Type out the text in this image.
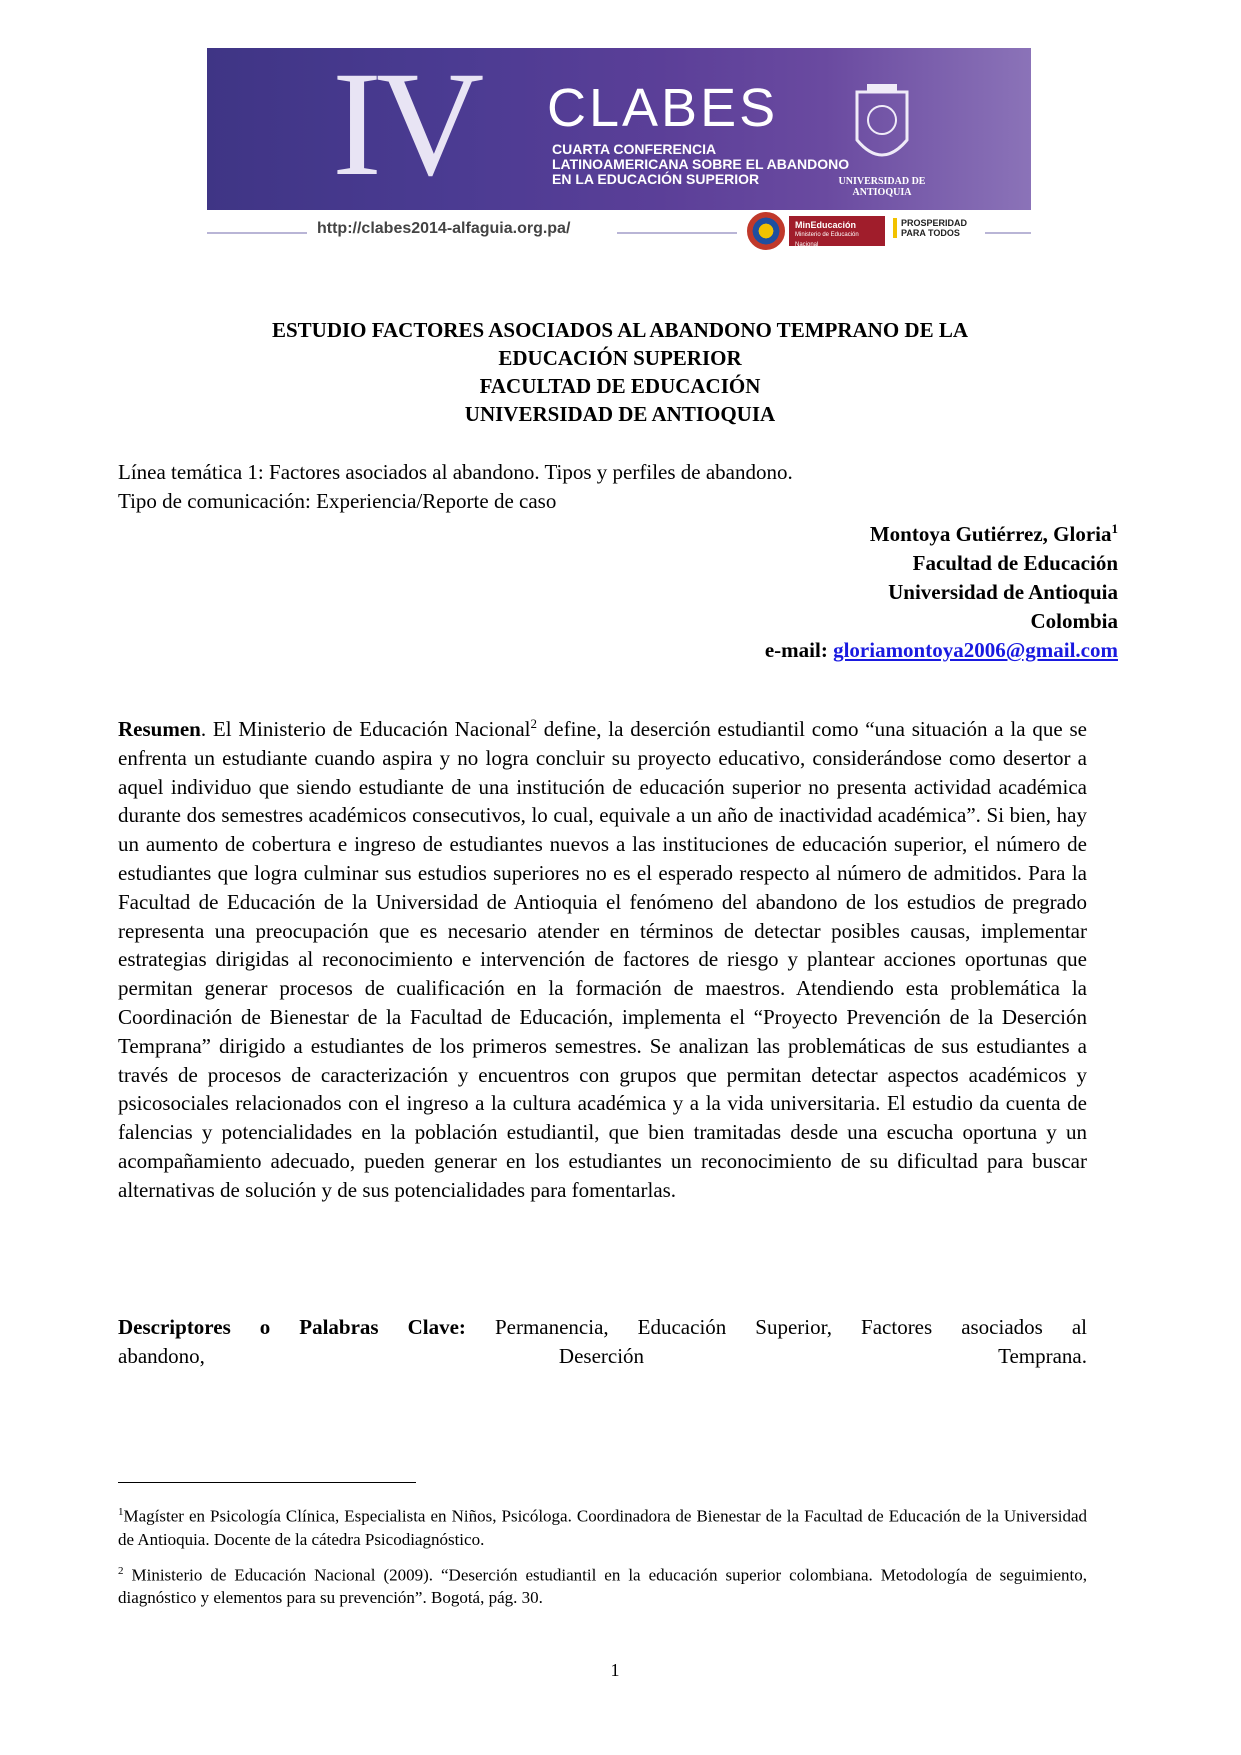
IV CLABES
CUARTA CONFERENCIA
LATINOAMERICANA SOBRE EL ABANDONO
EN LA EDUCACIÓN SUPERIOR	UNIVERSIDAD DE ANTIOQUIA
http://clabes2014-alfaguia.org.pa/	MinEducación
Ministerio de Educación Nacional
PROSPERIDAD PARA TODOS
ESTUDIO FACTORES ASOCIADOS AL ABANDONO TEMPRANO DE LA
EDUCACIÓN SUPERIOR
FACULTAD DE EDUCACIÓN
UNIVERSIDAD DE ANTIOQUIA
Línea temática 1: Factores asociados al abandono. Tipos y perfiles de abandono.
Tipo de comunicación: Experiencia/Reporte de caso
Montoya Gutiérrez, Gloria$^1$
Facultad de Educación
Universidad de Antioquia
Colombia
e-mail: gloriamontoya2006@gmail.com
Resumen. El Ministerio de Educación Nacional$^2$ define, la deserción estudiantil como “una situación a la que se enfrenta un estudiante cuando aspira y no logra concluir su proyecto educativo, considerándose como desertor a aquel individuo que siendo estudiante de una institución de educación superior no presenta actividad académica durante dos semestres académicos consecutivos, lo cual, equivale a un año de inactividad académica”. Si bien, hay un aumento de cobertura e ingreso de estudiantes nuevos a las instituciones de educación superior, el número de estudiantes que logra culminar sus estudios superiores no es el esperado respecto al número de admitidos. Para la Facultad de Educación de la Universidad de Antioquia el fenómeno del abandono de los estudios de pregrado representa una preocupación que es necesario atender en términos de detectar posibles causas, implementar estrategias dirigidas al reconocimiento e intervención de factores de riesgo y plantear acciones oportunas que permitan generar procesos de cualificación en la formación de maestros. Atendiendo esta problemática la Coordinación de Bienestar de la Facultad de Educación, implementa el “Proyecto Prevención de la Deserción Temprana” dirigido a estudiantes de los primeros semestres. Se analizan las problemáticas de sus estudiantes a través de procesos de caracterización y encuentros con grupos que permitan detectar aspectos académicos y psicosociales relacionados con el ingreso a la cultura académica y a la vida universitaria. El estudio da cuenta de falencias y potencialidades en la población estudiantil, que bien tramitadas desde una escucha oportuna y un acompañamiento adecuado, pueden generar en los estudiantes un reconocimiento de su dificultad para buscar alternativas de solución y de sus potencialidades para fomentarlas.
Descriptores o Palabras Clave: Permanencia, Educación Superior, Factores asociados al
abandono,	Deserción	Temprana.

$^1$Magíster en Psicología Clínica, Especialista en Niños, Psicóloga. Coordinadora de Bienestar de la Facultad de Educación de la Universidad de Antioquia. Docente de la cátedra Psicodiagnóstico.

$^2$ Ministerio de Educación Nacional (2009). “Deserción estudiantil en la educación superior colombiana. Metodología de seguimiento, diagnóstico y elementos para su prevención”. Bogotá, pág. 30.

1
